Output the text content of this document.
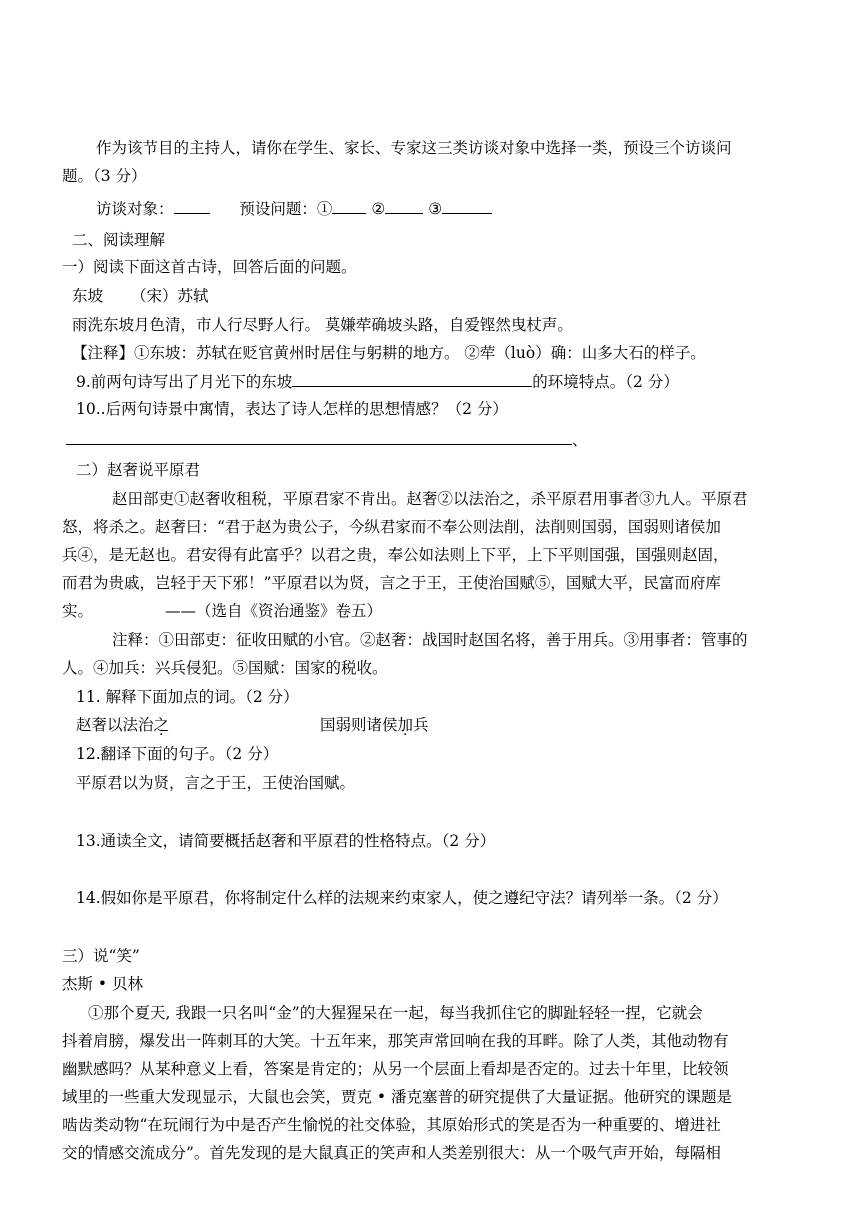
作为该节目的主持人，请你在学生、家长、专家这三类访谈对象中选择一类，预设三个访谈问
题。（3 分）
访谈对象：	预设问题：①	②	③
二、阅读理解
一）阅读下面这首古诗，回答后面的问题。
东坡 （宋）苏轼
雨洗东坡月色清，市人行尽野人行。 莫嫌荦确坡头路，自爱铿然曳杖声。
【注释】①东坡：苏轼在贬官黄州时居住与躬耕的地方。 ②荦（luò）确：山多大石的样子。
9.前两句诗写出了月光下的东坡	的环境特点。（2 分）
10..后两句诗景中寓情，表达了诗人怎样的思想情感？（2 分）
、
二）赵奢说平原君
赵田部吏①赵奢收租税，平原君家不肯出。赵奢②以法治之，杀平原君用事者③九人。平原君
怒，将杀之。赵奢曰：“君于赵为贵公子，今纵君家而不奉公则法削，法削则国弱，国弱则诸侯加
兵④，是无赵也。君安得有此富乎？以君之贵，奉公如法则上下平，上下平则国强，国强则赵固，
而君为贵戚，岂轻于天下邪！”平原君以为贤，言之于王，王使治国赋⑤，国赋大平，民富而府库
实。	——（选自《资治通鉴》卷五）
注释：①田部吏：征收田赋的小官。②赵奢：战国时赵国名将，善于用兵。③用事者：管事的
人。④加兵：兴兵侵犯。⑤国赋：国家的税收。
11. 解释下面加点的词。（2 分）
赵奢以法治之	国弱则诸侯加兵
12.翻译下面的句子。（2 分）
平原君以为贤，言之于王，王使治国赋。
13.通读全文，请简要概括赵奢和平原君的性格特点。（2 分）
14.假如你是平原君，你将制定什么样的法规来约束家人，使之遵纪守法？请列举一条。（2 分）
三）说“笑”
杰斯 • 贝林
①那个夏天, 我跟一只名叫“金”的大猩猩呆在一起，每当我抓住它的脚趾轻轻一捏，它就会
抖着肩膀，爆发出一阵刺耳的大笑。十五年来，那笑声常回响在我的耳畔。除了人类，其他动物有
幽默感吗？从某种意义上看，答案是肯定的；从另一个层面上看却是否定的。过去十年里，比较领
域里的一些重大发现显示，大鼠也会笑，贾克 • 潘克塞普的研究提供了大量证据。他研究的课题是
啮齿类动物“在玩闹行为中是否产生愉悦的社交体验，其原始形式的笑是否为一种重要的、增进社
交的情感交流成分”。首先发现的是大鼠真正的笑声和人类差别很大：从一个吸气声开始，每隔相
